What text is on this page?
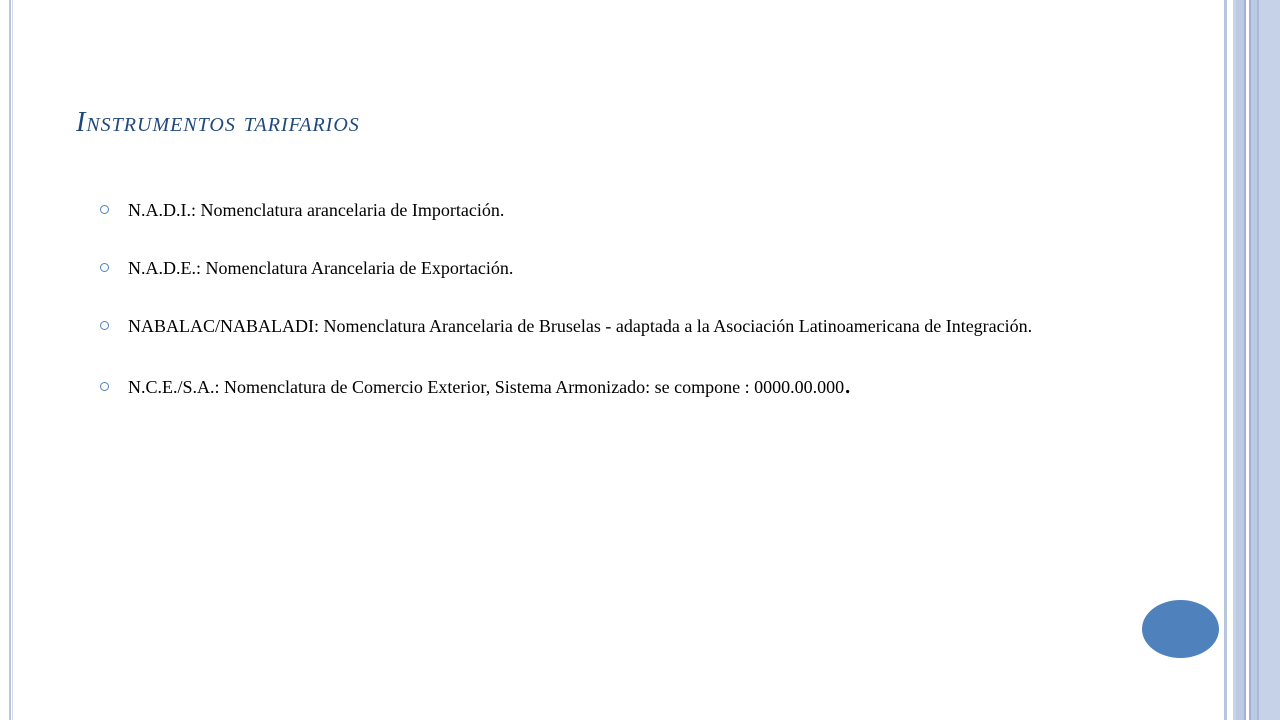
Instrumentos tarifarios
N.A.D.I.: Nomenclatura arancelaria de Importación.
N.A.D.E.: Nomenclatura Arancelaria de Exportación.
NABALAC/NABALADI: Nomenclatura Arancelaria de Bruselas - adaptada a la Asociación Latinoamericana de Integración.
N.C.E./S.A.: Nomenclatura de Comercio Exterior, Sistema Armonizado: se compone : 0000.00.000.
